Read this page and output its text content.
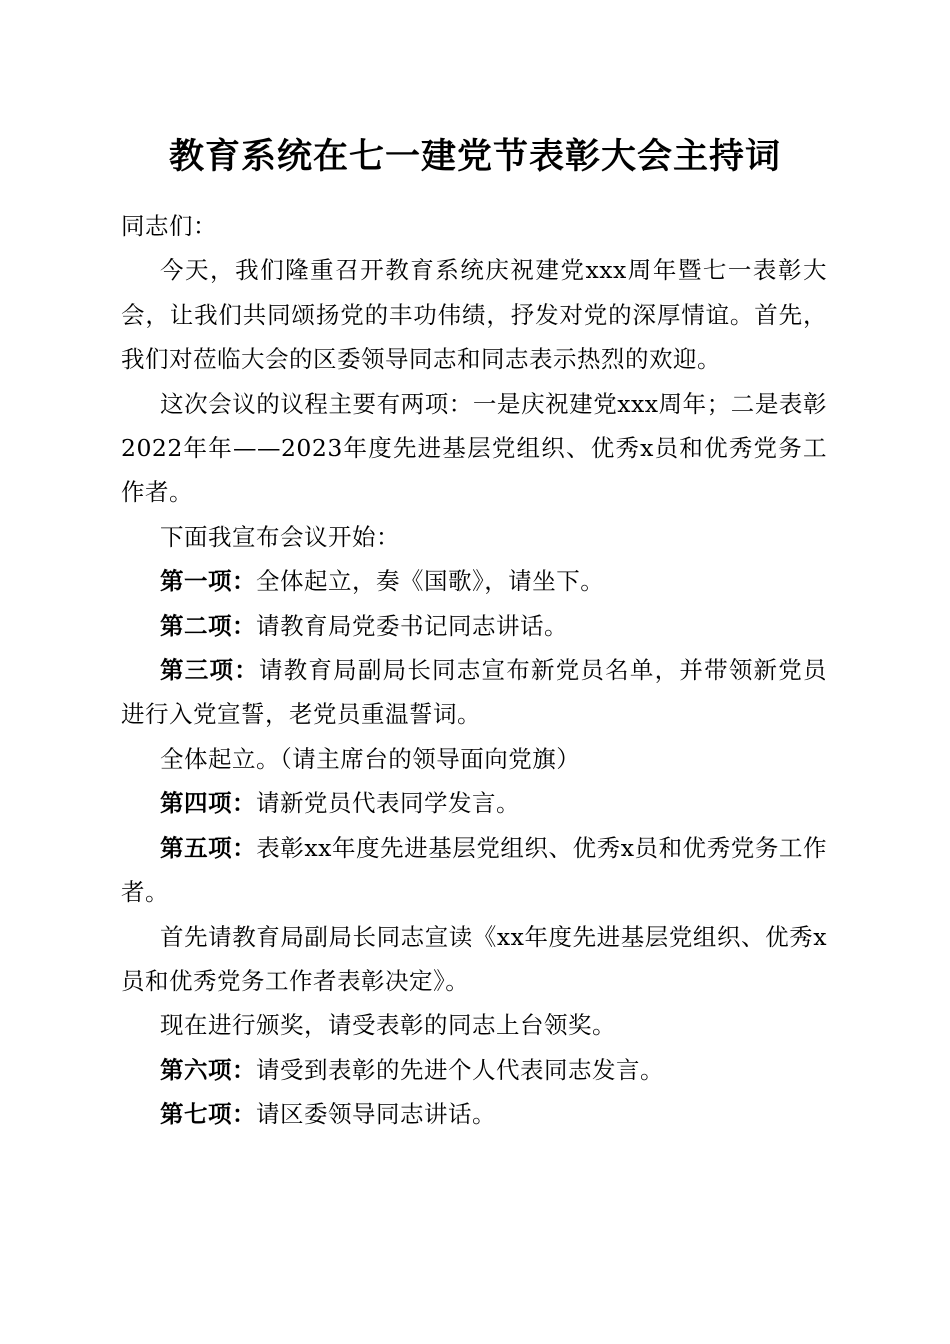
教育系统在七一建党节表彰大会主持词

同志们：

今天，我们隆重召开教育系统庆祝建党xxx周年暨七一表彰大会，让我们共同颂扬党的丰功伟绩，抒发对党的深厚情谊。首先，我们对莅临大会的区委领导同志和同志表示热烈的欢迎。

这次会议的议程主要有两项：一是庆祝建党xxx周年；二是表彰2022年年——2023年度先进基层党组织、优秀x员和优秀党务工作者。

下面我宣布会议开始：

第一项：全体起立，奏《国歌》，请坐下。

第二项：请教育局党委书记同志讲话。

第三项：请教育局副局长同志宣布新党员名单，并带领新党员进行入党宣誓，老党员重温誓词。

全体起立。（请主席台的领导面向党旗）

第四项：请新党员代表同学发言。

第五项：表彰xx年度先进基层党组织、优秀x员和优秀党务工作者。

首先请教育局副局长同志宣读《xx年度先进基层党组织、优秀x员和优秀党务工作者表彰决定》。

现在进行颁奖，请受表彰的同志上台领奖。

第六项：请受到表彰的先进个人代表同志发言。

第七项：请区委领导同志讲话。
